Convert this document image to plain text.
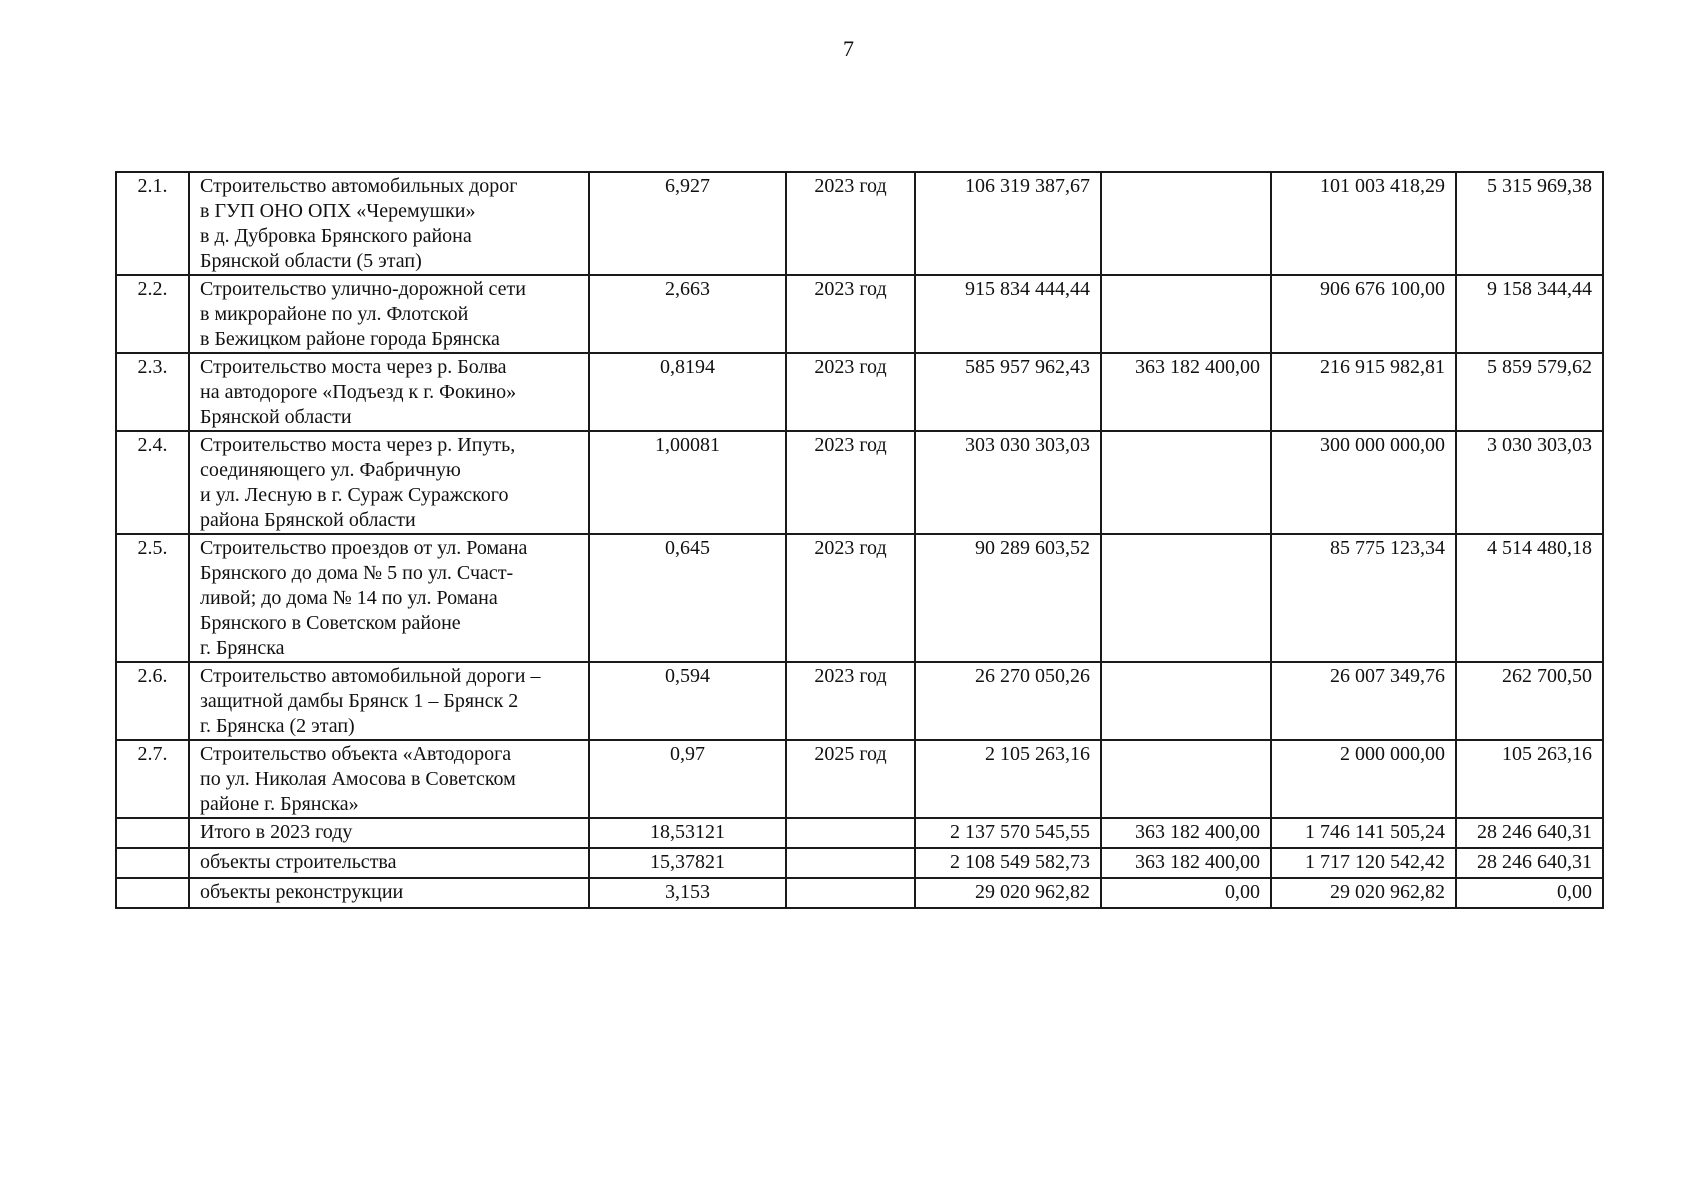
7
2.1.	Строительство автомобильных дорог
в ГУП ОНО ОПХ «Черемушки»
в д. Дубровка Брянского района
Брянской области (5 этап)	6,927	2023 год	106 319 387,67		101 003 418,29	5 315 969,38
2.2.	Строительство улично-дорожной сети
в микрорайоне по ул. Флотской
в Бежицком районе города Брянска	2,663	2023 год	915 834 444,44		906 676 100,00	9 158 344,44
2.3.	Строительство моста через р. Болва
на автодороге «Подъезд к г. Фокино»
Брянской области	0,8194	2023 год	585 957 962,43	363 182 400,00	216 915 982,81	5 859 579,62
2.4.	Строительство моста через р. Ипуть,
соединяющего ул. Фабричную
и ул. Лесную в г. Сураж Суражского
района Брянской области	1,00081	2023 год	303 030 303,03		300 000 000,00	3 030 303,03
2.5.	Строительство проездов от ул. Романа
Брянского до дома № 5 по ул. Счаст-
ливой; до дома № 14 по ул. Романа
Брянского в Советском районе
г. Брянска	0,645	2023 год	90 289 603,52		85 775 123,34	4 514 480,18
2.6.	Строительство автомобильной дороги –
защитной дамбы Брянск 1 – Брянск 2
г. Брянска (2 этап)	0,594	2023 год	26 270 050,26		26 007 349,76	262 700,50
2.7.	Строительство объекта «Автодорога
по ул. Николая Амосова в Советском
районе г. Брянска»	0,97	2025 год	2 105 263,16		2 000 000,00	105 263,16
	Итого в 2023 году	18,53121		2 137 570 545,55	363 182 400,00	1 746 141 505,24	28 246 640,31
	объекты строительства	15,37821		2 108 549 582,73	363 182 400,00	1 717 120 542,42	28 246 640,31
	объекты реконструкции	3,153		29 020 962,82	0,00	29 020 962,82	0,00
